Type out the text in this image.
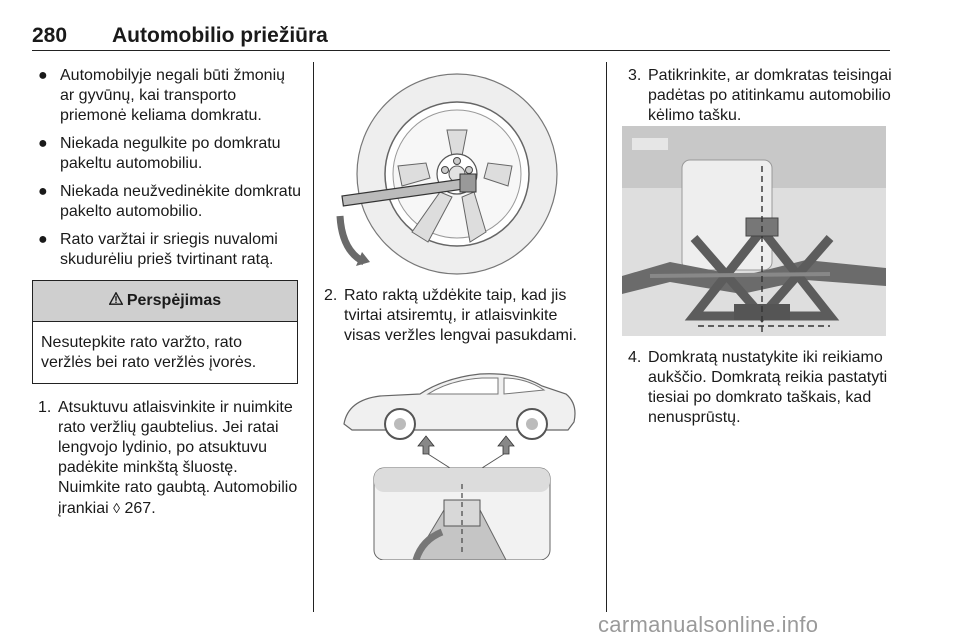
280 Automobilio priežiūra
● Automobilyje negali būti žmonių ar gyvūnų, kai transporto priemonė keliama domkratu.
● Niekada negulkite po domkratu pakeltu automobiliu.
● Niekada neužvedinėkite domkratu pakelto automobilio.
● Rato varžtai ir sriegis nuvalomi skudurėliu prieš tvirtinant ratą.
Perspėjimas
Nesutepkite rato varžto, rato veržlės bei rato veržlės įvorės.
1. Atsuktuvu atlaisvinkite ir nuimkite rato veržlių gaubtelius. Jei ratai lengvojo lydinio, po atsuktuvu padėkite minkštą šluostę. Nuimkite rato gaubtą. Automobilio įrankiai ◊ 267.
2. Rato raktą uždėkite taip, kad jis tvirtai atsiremtų, ir atlaisvinkite visas veržles lengvai pasukdami.
3. Patikrinkite, ar domkratas teisingai padėtas po atitinkamu automobilio kėlimo tašku.
4. Domkratą nustatykite iki reikiamo aukščio. Domkratą reikia pastatyti tiesiai po domkrato taškais, kad nenusprūstų.
carmanualsonline.info
